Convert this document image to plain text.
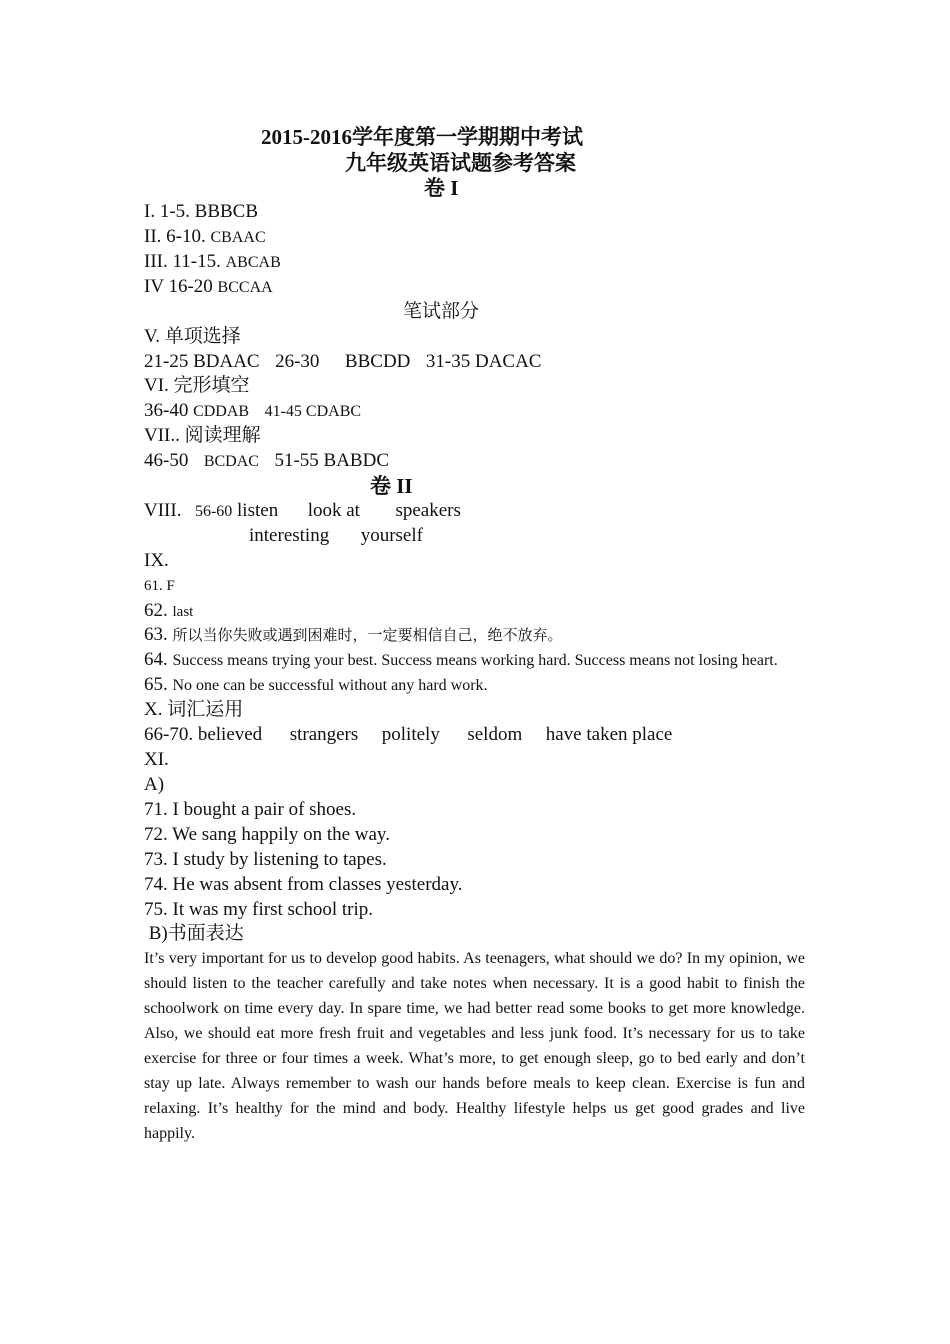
2015-2016学年度第一学期期中考试
九年级英语试题参考答案
卷 I
I. 1-5. BBBCB
II. 6-10. CBAAC
III. 11-15. ABCAB
IV 16-20 BCCAA
笔试部分
V. 单项选择
21-25 BDAAC 26-30 BBCDD 31-35 DACAC
VI. 完形填空
36-40 CDDAB 41-45 CDABC
VII.. 阅读理解
46-50 BCDAC 51-55 BABDC
卷 II
VIII. 56-60 listen look at speakers
interesting yourself
IX.
61. F
62. last
63. 所以当你失败或遇到困难时，一定要相信自己，绝不放弃。
64. Success means trying your best. Success means working hard. Success means not losing heart.
65. No one can be successful without any hard work.
X. 词汇运用
66-70. believed strangers politely seldom have taken place
XI.
A)
71. I bought a pair of shoes.
72. We sang happily on the way.
73. I study by listening to tapes.
74. He was absent from classes yesterday.
75. It was my first school trip.
B)书面表达
It’s very important for us to develop good habits. As teenagers, what should we do? In my opinion, we should listen to the teacher carefully and take notes when necessary. It is a good habit to finish the schoolwork on time every day. In spare time, we had better read some books to get more knowledge. Also, we should eat more fresh fruit and vegetables and less junk food. It’s necessary for us to take exercise for three or four times a week. What’s more, to get enough sleep, go to bed early and don’t stay up late. Always remember to wash our hands before meals to keep clean. Exercise is fun and relaxing. It’s healthy for the mind and body. Healthy lifestyle helps us get good grades and live happily.
